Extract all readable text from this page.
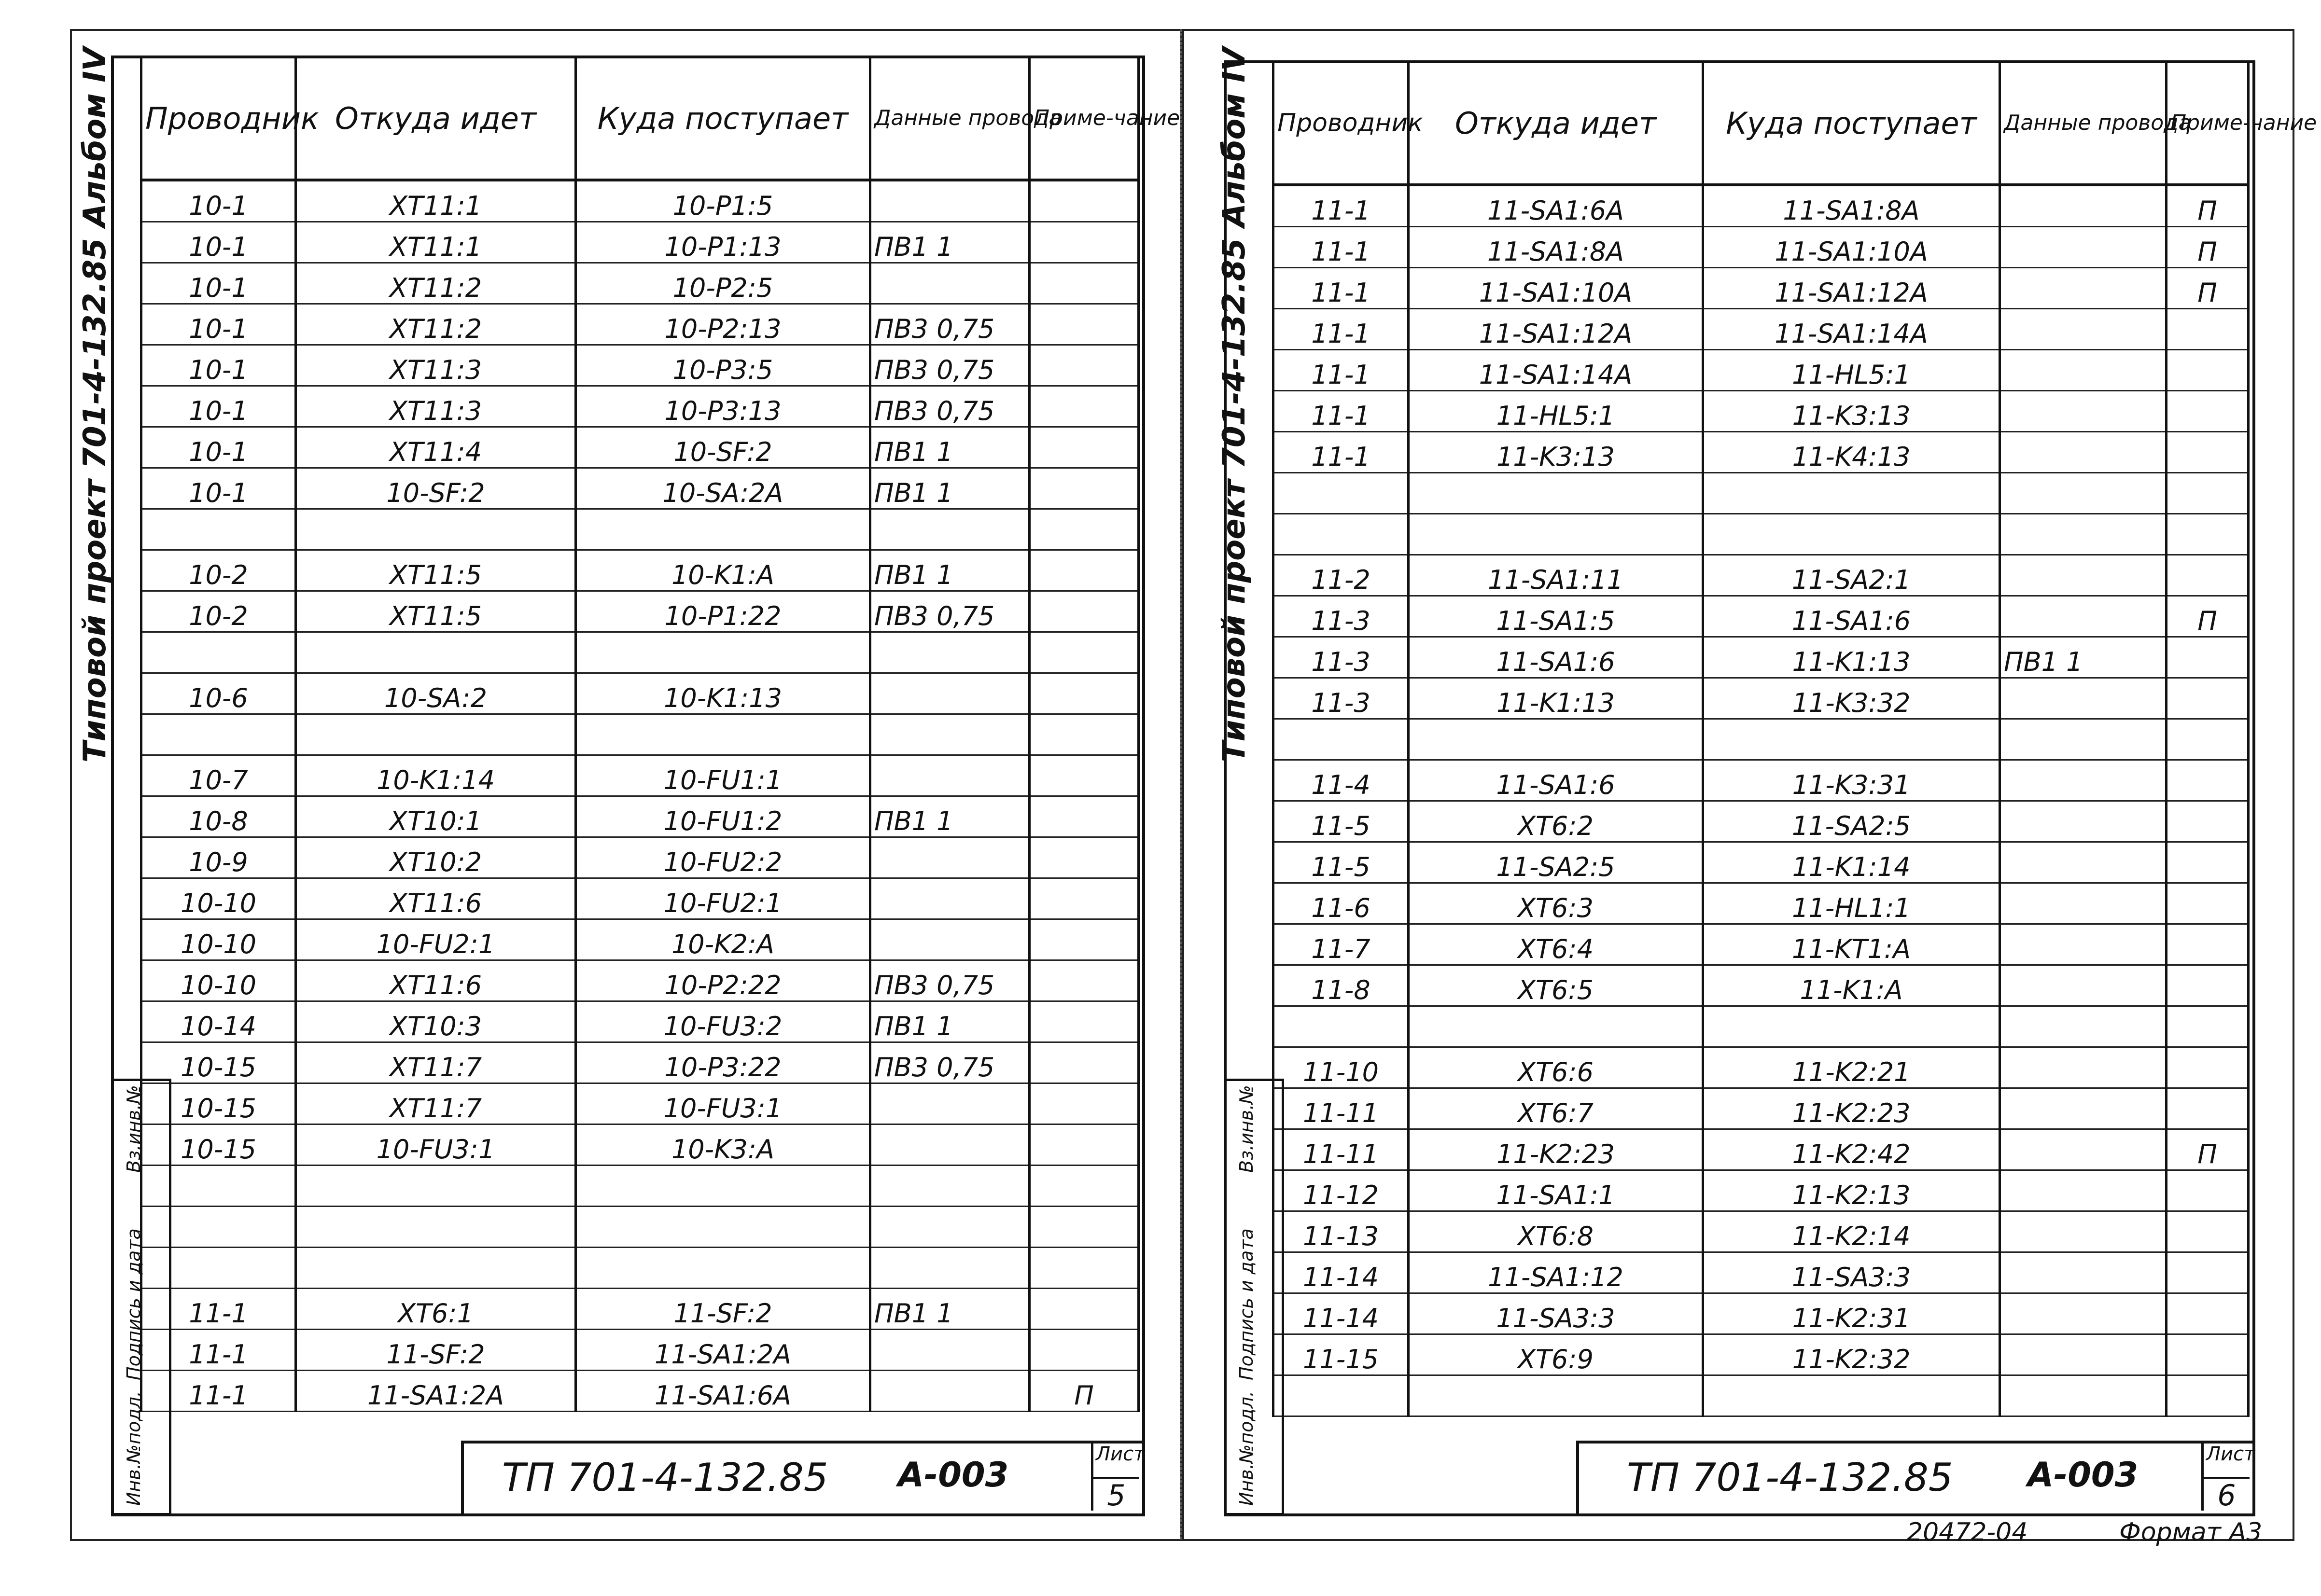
Типовой проект 701-4-132.85 Альбом IV Проводник	Откуда идет	Куда поступает	Данные провода	Приме-чание
10-1	XT11:1	10-P1:5		
10-1	XT11:1	10-P1:13	ПВ1 1	
10-1	XT11:2	10-P2:5		
10-1	XT11:2	10-P2:13	ПВ3 0,75	
10-1	XT11:3	10-P3:5	ПВ3 0,75	
10-1	XT11:3	10-P3:13	ПВ3 0,75	
10-1	XT11:4	10-SF:2	ПВ1 1	
10-1	10-SF:2	10-SA:2A	ПВ1 1	

10-2	XT11:5	10-K1:A	ПВ1 1	
10-2	XT11:5	10-P1:22	ПВ3 0,75	

10-6	10-SA:2	10-K1:13		

10-7	10-K1:14	10-FU1:1		
10-8	XT10:1	10-FU1:2	ПВ1 1	
10-9	XT10:2	10-FU2:2		
10-10	XT11:6	10-FU2:1		
10-10	10-FU2:1	10-K2:A		
10-10	XT11:6	10-P2:22	ПВ3 0,75	
10-14	XT10:3	10-FU3:2	ПВ1 1	
10-15	XT11:7	10-P3:22	ПВ3 0,75	
10-15	XT11:7	10-FU3:1		
10-15	10-FU3:1	10-K3:A		

11-1	XT6:1	11-SF:2	ПВ1 1	
11-1	11-SF:2	11-SA1:2A		
11-1	11-SA1:2A	11-SA1:6A		П
Инв.№подл.
Подпись и дата
Вз.инв.№
ТП 701-4-132.85 А-003
Лист
5
Типовой проект 701-4-132.85 Альбом IV Проводник	Откуда идет	Куда поступает	Данные провода	Приме-чание
11-1	11-SA1:6A	11-SA1:8A		П
11-1	11-SA1:8A	11-SA1:10A		П
11-1	11-SA1:10A	11-SA1:12A		П
11-1	11-SA1:12A	11-SA1:14A		
11-1	11-SA1:14A	11-HL5:1		
11-1	11-HL5:1	11-K3:13		
11-1	11-K3:13	11-K4:13		

11-2	11-SA1:11	11-SA2:1		
11-3	11-SA1:5	11-SA1:6		П
11-3	11-SA1:6	11-K1:13	ПВ1 1	
11-3	11-K1:13	11-K3:32		

11-4	11-SA1:6	11-K3:31		
11-5	XT6:2	11-SA2:5		
11-5	11-SA2:5	11-K1:14		
11-6	XT6:3	11-HL1:1		
11-7	XT6:4	11-KT1:A		
11-8	XT6:5	11-K1:A		

11-10	XT6:6	11-K2:21		
11-11	XT6:7	11-K2:23		
11-11	11-K2:23	11-K2:42		П
11-12	11-SA1:1	11-K2:13		
11-13	XT6:8	11-K2:14		
11-14	11-SA1:12	11-SA3:3		
11-14	11-SA3:3	11-K2:31		
11-15	XT6:9	11-K2:32		

Инв.№подл.
Подпись и дата
Вз.инв.№
ТП 701-4-132.85 А-003
Лист
6
20472-04	Формат А3
